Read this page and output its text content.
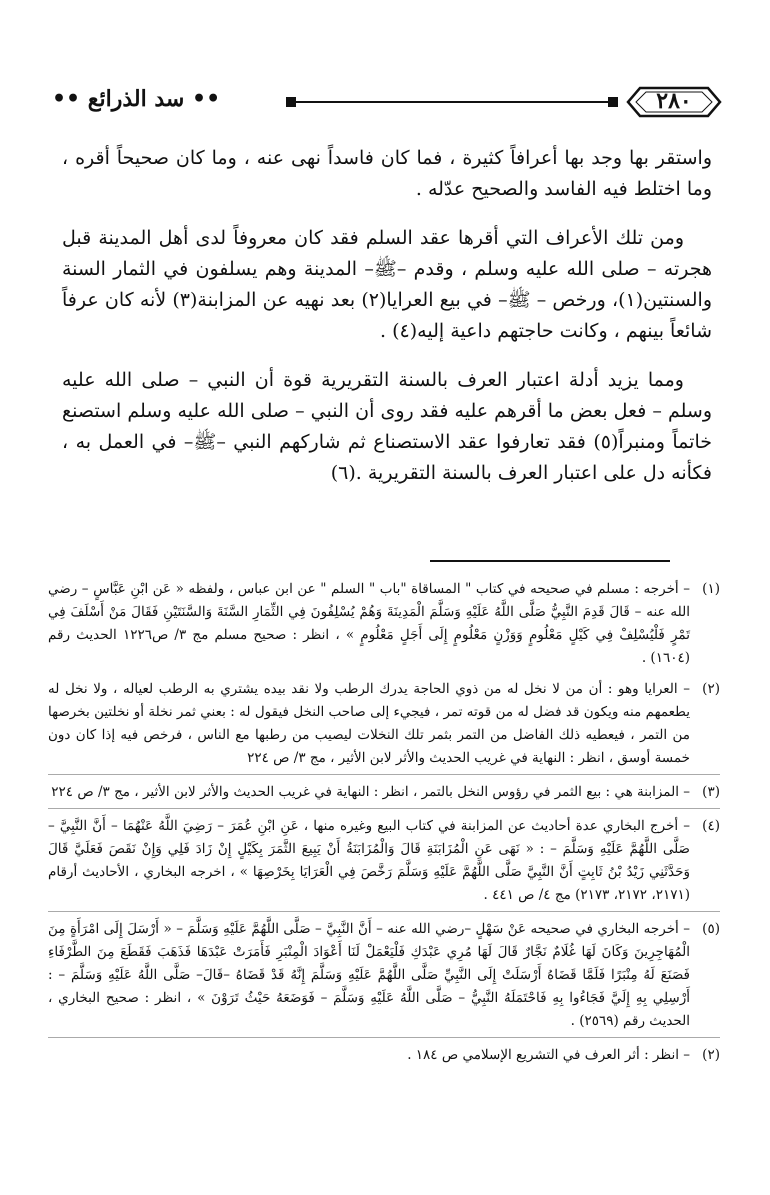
•• سد الذرائع ••	٢٨٠

واستقر بها وجد بها أعرافاً كثيرة ، فما كان فاسداً نهى عنه ، وما كان صحيحاً أقره ، وما اختلط فيه الفاسد والصحيح عدّله .

ومن تلك الأعراف التي أقرها عقد السلم فقد كان معروفاً لدى أهل المدينة قبل هجرته – صلى الله عليه وسلم ، وقدم –ﷺ– المدينة وهم يسلفون في الثمار السنة والسنتين(١)، ورخص – ﷺ– في بيع العرايا(٢) بعد نهيه عن المزابنة(٣) لأنه كان عرفاً شائعاً بينهم ، وكانت حاجتهم داعية إليه(٤) .

ومما يزيد أدلة اعتبار العرف بالسنة التقريرية قوة أن النبي – صلى الله عليه وسلم – فعل بعض ما أقرهم عليه فقد روى أن النبي – صلى الله عليه وسلم استصنع خاتماً ومنبراً(٥) فقد تعارفوا عقد الاستصناع ثم شاركهم النبي –ﷺ– في العمل به ، فكأنه دل على اعتبار العرف بالسنة التقريرية .(٦)

(١)
– أخرجه : مسلم في صحيحه في كتاب " المساقاة "باب " السلم " عن ابن عباس ، ولفظه « عَن ابْنِ عَبَّاسٍ – رضي الله عنه – قَالَ قَدِمَ النَّبِيُّ صَلَّى اللَّهُ عَلَيْهِ وَسَلَّمَ الْمَدِينَةَ وَهُمْ يُسْلِفُونَ فِي الثِّمَارِ السَّنَةَ وَالسَّنَتَيْنِ فَقَالَ مَنْ أَسْلَفَ فِي تَمْرٍ فَلْيُسْلِفْ فِي كَيْلٍ مَعْلُومٍ وَوَزْنٍ مَعْلُومٍ إِلَى أَجَلٍ مَعْلُومٍ » ، انظر : صحيح مسلم مج ٣/ ص١٢٢٦ الحديث رقم (١٦٠٤) .
(٢)
– العرايا وهو : أن من لا نخل له من ذوي الحاجة يدرك الرطب ولا نقد بيده يشتري به الرطب لعياله ، ولا نخل له يطعمهم منه ويكون قد فضل له من قوته تمر ، فيجيء إلى صاحب النخل فيقول له : بعني ثمر نخلة أو نخلتين بخرصها من التمر ، فيعطيه ذلك الفاضل من التمر بثمر تلك النخلات ليصيب من رطبها مع الناس ، فرخص فيه إذا كان دون خمسة أوسق ، انظر : النهاية في غريب الحديث والأثر لابن الأثير ، مج ٣/ ص ٢٢٤
(٣)
– المزابنة هي : بيع الثمر في رؤوس النخل بالتمر ، انظر : النهاية في غريب الحديث والأثر لابن الأثير ، مج ٣/ ص ٢٢٤
(٤)
– أخرج البخاري عدة أحاديث عن المزابنة في كتاب البيع وغيره منها ، عَنِ ابْنِ عُمَرَ – رَضِيَ اللَّهُ عَنْهُمَا – أَنَّ النَّبِيَّ – صَلَّى اللَّهُمَّ عَلَيْهِ وَسَلَّمَ – : « نَهَى عَنِ الْمُزَابَنَةِ قَالَ وَالْمُزَابَنَةُ أَنْ يَبِيعَ الثَّمَرَ بِكَيْلٍ إِنْ زَادَ فَلِي وَإِنْ نَقَصَ فَعَلَيَّ قَالَ وَحَدَّثَنِي زَيْدُ بْنُ ثَابِتٍ أَنَّ النَّبِيَّ صَلَّى اللَّهُمَّ عَلَيْهِ وَسَلَّمَ رَخَّصَ فِي الْعَرَايَا بِخَرْصِهَا » ، اخرجه البخاري ، الأحاديث أرقام (٢١٧١، ٢١٧٢، ٢١٧٣) مج ٤/ ص ٤٤١ .
(٥)
– أخرجه البخاري في صحيحه عَنْ سَهْلٍ –رضي الله عنه – أَنَّ النَّبِيَّ – صَلَّى اللَّهُمَّ عَلَيْهِ وَسَلَّمَ – « أَرْسَلَ إِلَى امْرَأَةٍ مِنَ الْمُهَاجِرِينَ وَكَانَ لَهَا غُلَامٌ نَجَّارٌ قَالَ لَهَا مُرِي عَبْدَكِ فَلْيَعْمَلْ لَنَا أَعْوَادَ الْمِنْبَرِ فَأَمَرَتْ عَبْدَهَا فَذَهَبَ فَقَطَعَ مِنَ الطَّرْفَاءِ فَصَنَعَ لَهُ مِنْبَرًا فَلَمَّا قَضَاهُ أَرْسَلَتْ إِلَى النَّبِيِّ صَلَّى اللَّهُمَّ عَلَيْهِ وَسَلَّمَ إِنَّهُ قَدْ قَضَاهُ –قَالَ– صَلَّى اللَّهُ عَلَيْهِ وَسَلَّمَ – : أَرْسِلِي بِهِ إِلَيَّ فَجَاءُوا بِهِ فَاحْتَمَلَهُ النَّبِيُّ – صَلَّى اللَّهُ عَلَيْهِ وَسَلَّمَ – فَوَضَعَهُ حَيْثُ تَرَوْنَ » ، انظر : صحيح البخاري ، الحديث رقم (٢٥٦٩) .
(٢)
– انظر : أثر العرف في التشريع الإسلامي ص ١٨٤ .
